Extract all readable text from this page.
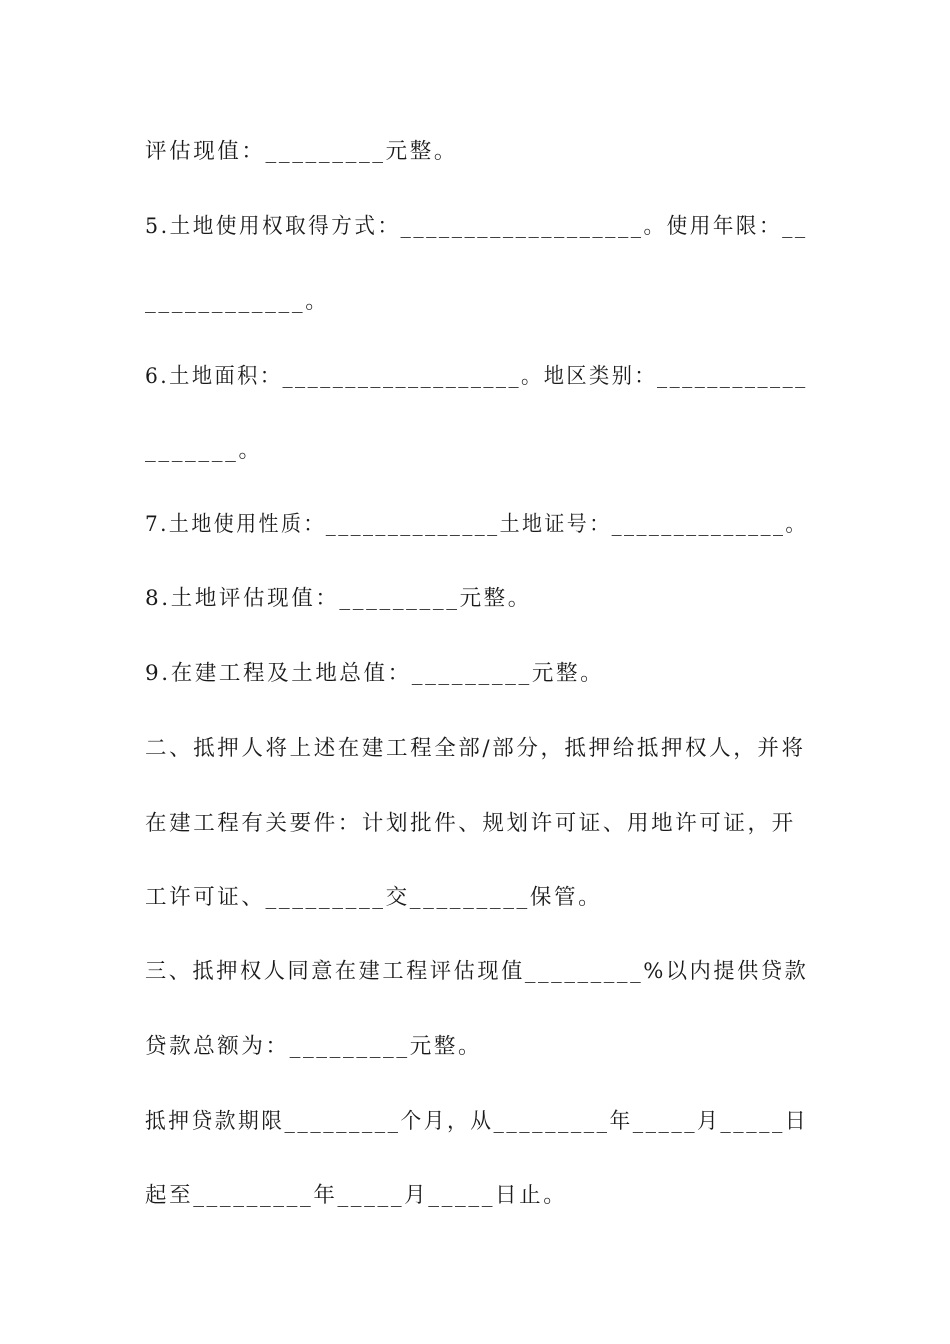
评估现值：_________元整。
5.土地使用权取得方式：___________________。使用年限：__
____________。
6.土地面积：___________________。地区类别：____________
_______。
7.土地使用性质：______________土地证号：______________。
8.土地评估现值：_________元整。
9.在建工程及土地总值：_________元整。
二、抵押人将上述在建工程全部/部分，抵押给抵押权人，并将
在建工程有关要件：计划批件、规划许可证、用地许可证，开
工许可证、_________交_________保管。
三、抵押权人同意在建工程评估现值_________%以内提供贷款
贷款总额为：_________元整。
抵押贷款期限_________个月，从_________年_____月_____日
起至_________年_____月_____日止。
